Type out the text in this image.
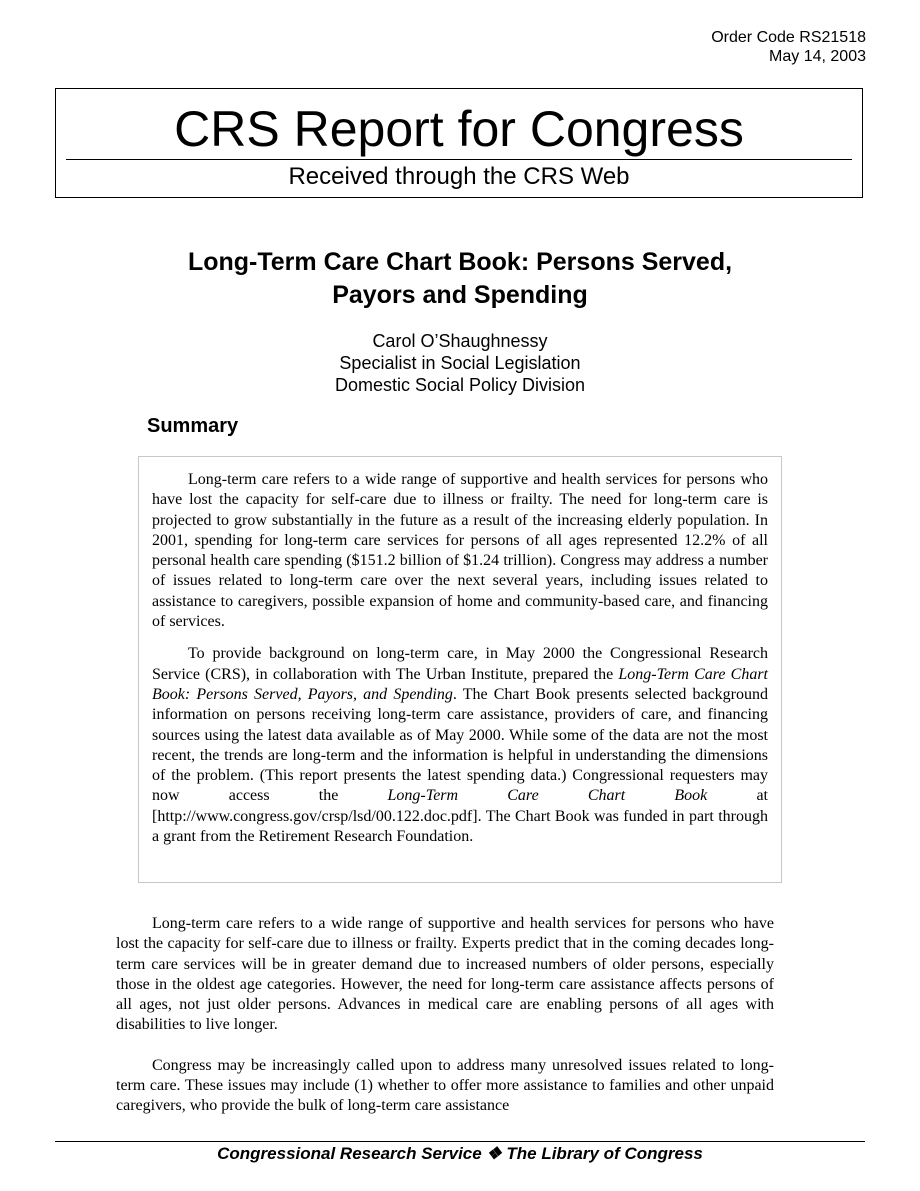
Order Code RS21518
May 14, 2003
CRS Report for Congress
Received through the CRS Web
Long-Term Care Chart Book: Persons Served,
Payors and Spending
Carol O’Shaughnessy
Specialist in Social Legislation
Domestic Social Policy Division
Summary

Long-term care refers to a wide range of supportive and health services for persons who have lost the capacity for self-care due to illness or frailty. The need for long-term care is projected to grow substantially in the future as a result of the increasing elderly population. In 2001, spending for long-term care services for persons of all ages represented 12.2% of all personal health care spending ($151.2 billion of $1.24 trillion). Congress may address a number of issues related to long-term care over the next several years, including issues related to assistance to caregivers, possible expansion of home and community-based care, and financing of services.

To provide background on long-term care, in May 2000 the Congressional Research Service (CRS), in collaboration with The Urban Institute, prepared the Long-Term Care Chart Book: Persons Served, Payors, and Spending. The Chart Book presents selected background information on persons receiving long-term care assistance, providers of care, and financing sources using the latest data available as of May 2000. While some of the data are not the most recent, the trends are long-term and the information is helpful in understanding the dimensions of the problem. (This report presents the latest spending data.) Congressional requesters may now access the Long-Term Care Chart Book at [http://www.congress.gov/crsp/lsd/00.122.doc.pdf]. The Chart Book was funded in part through a grant from the Retirement Research Foundation.

Long-term care refers to a wide range of supportive and health services for persons who have lost the capacity for self-care due to illness or frailty. Experts predict that in the coming decades long-term care services will be in greater demand due to increased numbers of older persons, especially those in the oldest age categories. However, the need for long-term care assistance affects persons of all ages, not just older persons. Advances in medical care are enabling persons of all ages with disabilities to live longer.

Congress may be increasingly called upon to address many unresolved issues related to long-term care. These issues may include (1) whether to offer more assistance to families and other unpaid caregivers, who provide the bulk of long-term care assistance

Congressional Research Service ❖ The Library of Congress
